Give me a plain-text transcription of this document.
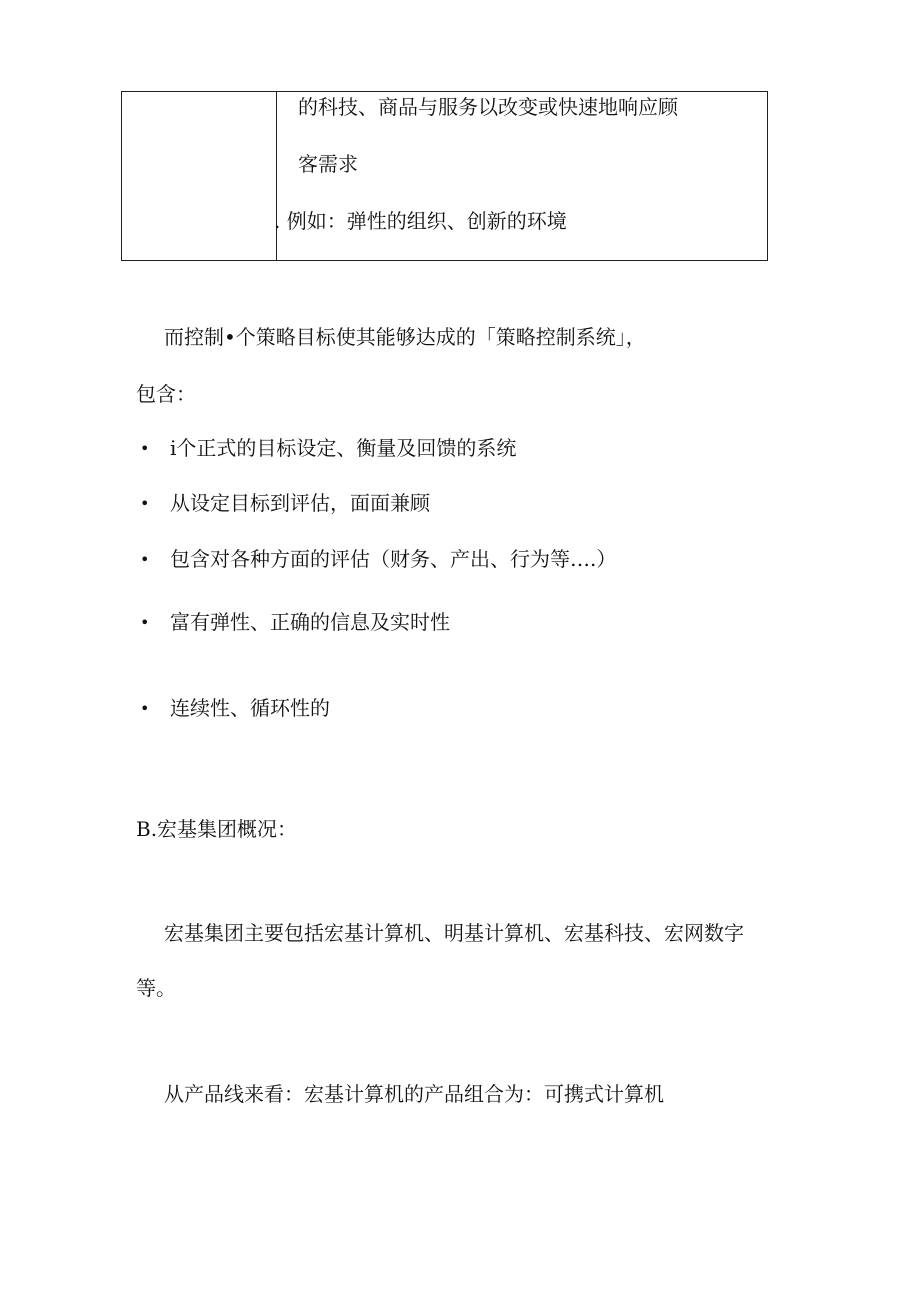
的科技、商品与服务以改变或快速地响应顾
客需求
. 例如：弹性的组织、创新的环境
而控制•个策略目标使其能够达成的「策略控制系统」，
包含：
• i个正式的目标设定、衡量及回馈的系统
• 从设定目标到评估，面面兼顾
• 包含对各种方面的评估（财务、产出、行为等….）
• 富有弹性、正确的信息及实时性
• 连续性、循环性的
B.宏基集团概况：
宏基集团主要包括宏基计算机、明基计算机、宏基科技、宏网数字
等。
从产品线来看：宏基计算机的产品组合为：可携式计算机
